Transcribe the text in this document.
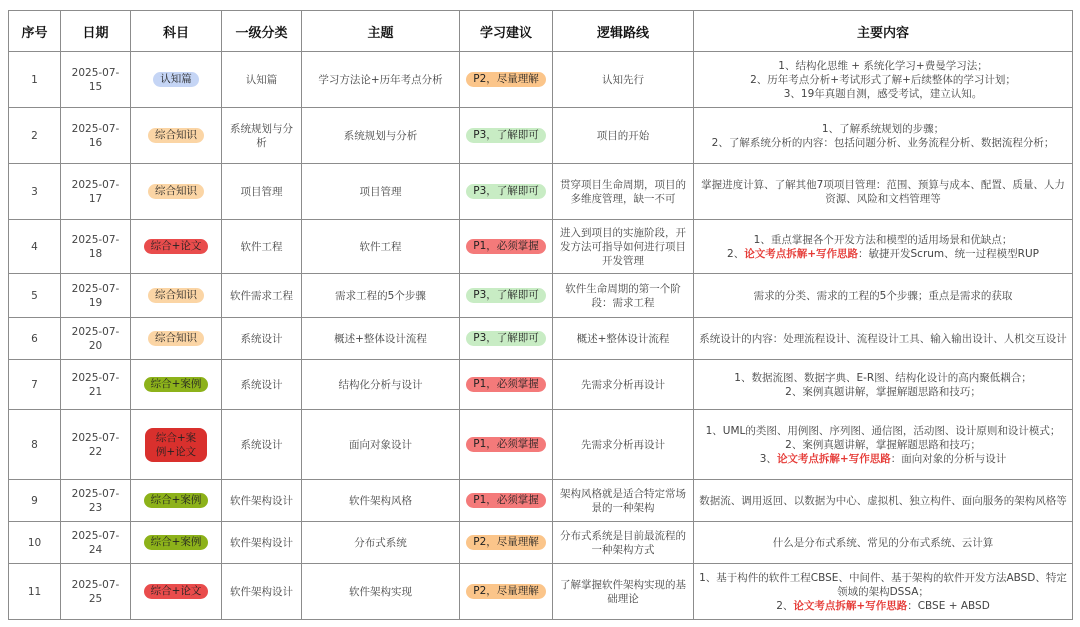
序号	日期	科目	一级分类	主题	学习建议	逻辑路线	主要内容
1	2025-07-15	认知篇	认知篇	学习方法论+历年考点分析	P2，尽量理解	认知先行	1、结构化思维 + 系统化学习+费曼学习法；
2、历年考点分析+考试形式了解+后续整体的学习计划；
3、19年真题自测，感受考试，建立认知。

2	2025-07-16	综合知识	系统规划与分析	系统规划与分析	P3，了解即可	项目的开始	1、了解系统规划的步骤；
2、了解系统分析的内容：包括问题分析、业务流程分析、数据流程分析；

3	2025-07-17	综合知识	项目管理	项目管理	P3，了解即可	贯穿项目生命周期，项目的多维度管理，缺一不可	掌握进度计算、了解其他7项项目管理：范围、预算与成本、配置、质量、人力资源、风险和文档管理等

4	2025-07-18	综合+论文	软件工程	软件工程	P1，必须掌握	进入到项目的实施阶段，开发方法可指导如何进行项目开发管理	1、重点掌握各个开发方法和模型的适用场景和优缺点；
2、论文考点拆解+写作思路：敏捷开发Scrum、统一过程模型RUP

5	2025-07-19	综合知识	软件需求工程	需求工程的5个步骤	P3，了解即可	软件生命周期的第一个阶段：需求工程	需求的分类、需求的工程的5个步骤；重点是需求的获取

6	2025-07-20	综合知识	系统设计	概述+整体设计流程	P3，了解即可	概述+整体设计流程	系统设计的内容：处理流程设计、流程设计工具、输入输出设计、人机交互设计

7	2025-07-21	综合+案例	系统设计	结构化分析与设计	P1，必须掌握	先需求分析再设计	1、数据流图、数据字典、E-R图、结构化设计的高内聚低耦合；
2、案例真题讲解，掌握解题思路和技巧；

8	2025-07-22	综合+案例+论文	系统设计	面向对象设计	P1，必须掌握	先需求分析再设计	1、UML的类图、用例图、序列图、通信图，活动图、设计原则和设计模式；
2、案例真题讲解，掌握解题思路和技巧；
3、论文考点拆解+写作思路：面向对象的分析与设计

9	2025-07-23	综合+案例	软件架构设计	软件架构风格	P1，必须掌握	架构风格就是适合特定常场景的一种架构	数据流、调用返回、以数据为中心、虚拟机、独立构件、面向服务的架构风格等

10	2025-07-24	综合+案例	软件架构设计	分布式系统	P2，尽量理解	分布式系统是目前最流程的一种架构方式	什么是分布式系统、常见的分布式系统、云计算

11	2025-07-25	综合+论文	软件架构设计	软件架构实现	P2，尽量理解	了解掌握软件架构实现的基础理论	1、基于构件的软件工程CBSE、中间件、基于架构的软件开发方法ABSD、特定领域的架构DSSA；
2、论文考点拆解+写作思路：CBSE + ABSD
